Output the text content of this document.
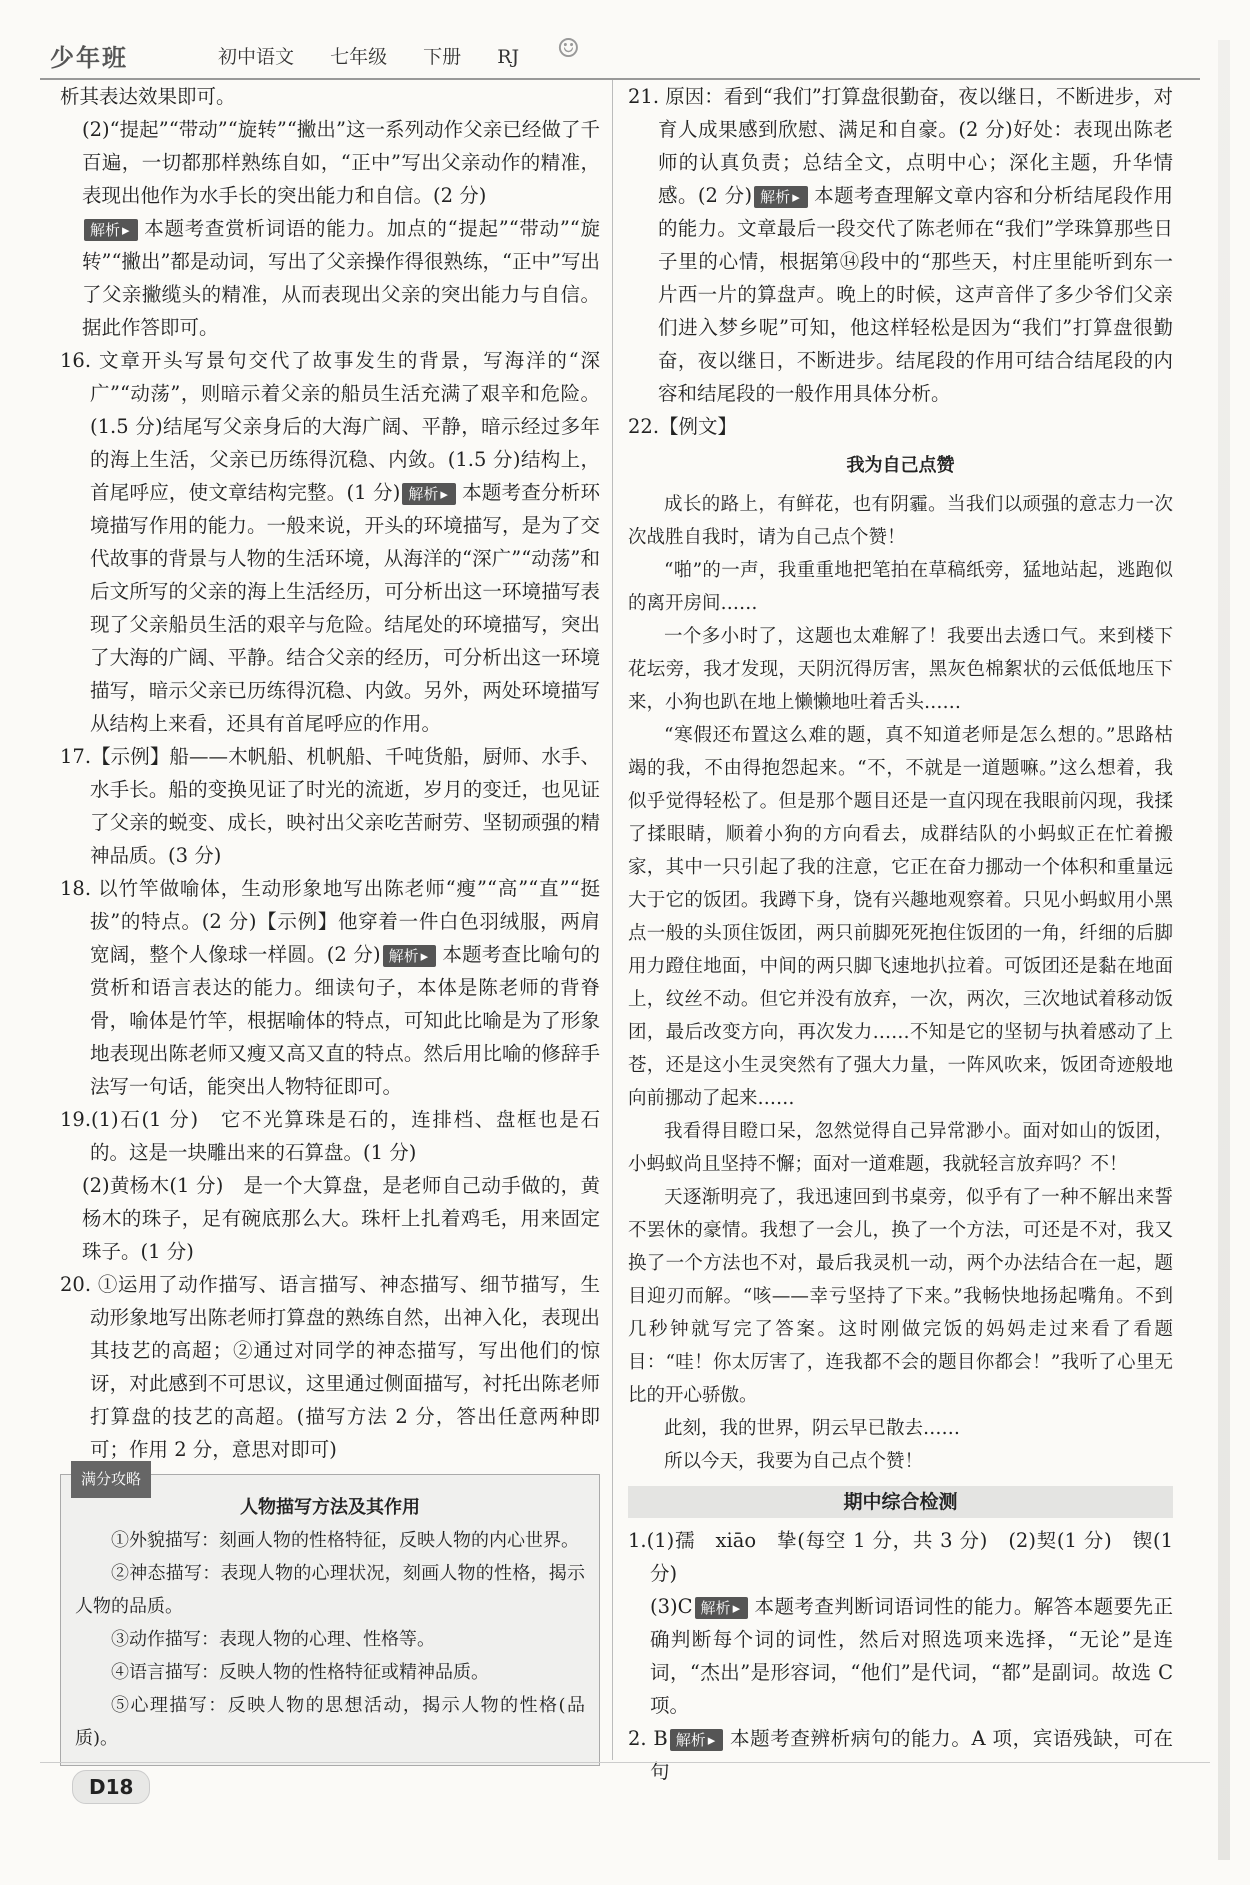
少年班	初中语文 七年级 下册 RJ	☺

析其表达效果即可。

(2)“提起”“带动”“旋转”“撇出”这一系列动作父亲已经做了千百遍，一切都那样熟练自如，“正中”写出父亲动作的精准，表现出他作为水手长的突出能力和自信。(2 分)

解析 ▸ 本题考查赏析词语的能力。加点的“提起”“带动”“旋转”“撇出”都是动词，写出了父亲操作得很熟练，“正中”写出了父亲撇缆头的精准，从而表现出父亲的突出能力与自信。据此作答即可。

16. 文章开头写景句交代了故事发生的背景，写海洋的“深广”“动荡”，则暗示着父亲的船员生活充满了艰辛和危险。(1.5 分)结尾写父亲身后的大海广阔、平静，暗示经过多年的海上生活，父亲已历练得沉稳、内敛。(1.5 分)结构上，首尾呼应，使文章结构完整。(1 分) 解析 ▸ 本题考查分析环境描写作用的能力。一般来说，开头的环境描写，是为了交代故事的背景与人物的生活环境，从海洋的“深广”“动荡”和后文所写的父亲的海上生活经历，可分析出这一环境描写表现了父亲船员生活的艰辛与危险。结尾处的环境描写，突出了大海的广阔、平静。结合父亲的经历，可分析出这一环境描写，暗示父亲已历练得沉稳、内敛。另外，两处环境描写从结构上来看，还具有首尾呼应的作用。

17.【示例】船——木帆船、机帆船、千吨货船，厨师、水手、水手长。船的变换见证了时光的流逝，岁月的变迁，也见证了父亲的蜕变、成长，映衬出父亲吃苦耐劳、坚韧顽强的精神品质。(3 分)

18. 以竹竿做喻体，生动形象地写出陈老师“瘦”“高”“直”“挺拔”的特点。(2 分)【示例】他穿着一件白色羽绒服，两肩宽阔，整个人像球一样圆。(2 分) 解析 ▸ 本题考查比喻句的赏析和语言表达的能力。细读句子，本体是陈老师的背脊骨，喻体是竹竿，根据喻体的特点，可知此比喻是为了形象地表现出陈老师又瘦又高又直的特点。然后用比喻的修辞手法写一句话，能突出人物特征即可。

19.(1)石(1 分)　它不光算珠是石的，连排档、盘框也是石的。这是一块雕出来的石算盘。(1 分)

(2)黄杨木(1 分)　是一个大算盘，是老师自己动手做的，黄杨木的珠子，足有碗底那么大。珠杆上扎着鸡毛，用来固定珠子。(1 分)

20. ①运用了动作描写、语言描写、神态描写、细节描写，生动形象地写出陈老师打算盘的熟练自然，出神入化，表现出其技艺的高超；②通过对同学的神态描写，写出他们的惊讶，对此感到不可思议，这里通过侧面描写，衬托出陈老师打算盘的技艺的高超。(描写方法 2 分，答出任意两种即可；作用 2 分，意思对即可)

满分攻略
人物描写方法及其作用

①外貌描写：刻画人物的性格特征，反映人物的内心世界。

②神态描写：表现人物的心理状况，刻画人物的性格，揭示人物的品质。

③动作描写：表现人物的心理、性格等。

④语言描写：反映人物的性格特征或精神品质。

⑤心理描写：反映人物的思想活动，揭示人物的性格(品质)。

21. 原因：看到“我们”打算盘很勤奋，夜以继日，不断进步，对育人成果感到欣慰、满足和自豪。(2 分)好处：表现出陈老师的认真负责；总结全文，点明中心；深化主题，升华情感。(2 分) 解析 ▸ 本题考查理解文章内容和分析结尾段作用的能力。文章最后一段交代了陈老师在“我们”学珠算那些日子里的心情，根据第⑭段中的“那些天，村庄里能听到东一片西一片的算盘声。晚上的时候，这声音伴了多少爷们父亲们进入梦乡呢”可知，他这样轻松是因为“我们”打算盘很勤奋，夜以继日，不断进步。结尾段的作用可结合结尾段的内容和结尾段的一般作用具体分析。

22.【例文】

我为自己点赞

成长的路上，有鲜花，也有阴霾。当我们以顽强的意志力一次次战胜自我时，请为自己点个赞！

“啪”的一声，我重重地把笔拍在草稿纸旁，猛地站起，逃跑似的离开房间……

一个多小时了，这题也太难解了！我要出去透口气。来到楼下花坛旁，我才发现，天阴沉得厉害，黑灰色棉絮状的云低低地压下来，小狗也趴在地上懒懒地吐着舌头……

“寒假还布置这么难的题，真不知道老师是怎么想的。”思路枯竭的我，不由得抱怨起来。“不，不就是一道题嘛。”这么想着，我似乎觉得轻松了。但是那个题目还是一直闪现在我眼前闪现，我揉了揉眼睛，顺着小狗的方向看去，成群结队的小蚂蚁正在忙着搬家，其中一只引起了我的注意，它正在奋力挪动一个体积和重量远大于它的饭团。我蹲下身，饶有兴趣地观察着。只见小蚂蚁用小黑点一般的头顶住饭团，两只前脚死死抱住饭团的一角，纤细的后脚用力蹬住地面，中间的两只脚飞速地扒拉着。可饭团还是黏在地面上，纹丝不动。但它并没有放弃，一次，两次，三次地试着移动饭团，最后改变方向，再次发力……不知是它的坚韧与执着感动了上苍，还是这小生灵突然有了强大力量，一阵风吹来，饭团奇迹般地向前挪动了起来……

我看得目瞪口呆，忽然觉得自己异常渺小。面对如山的饭团，小蚂蚁尚且坚持不懈；面对一道难题，我就轻言放弃吗？不！

天逐渐明亮了，我迅速回到书桌旁，似乎有了一种不解出来誓不罢休的豪情。我想了一会儿，换了一个方法，可还是不对，我又换了一个方法也不对，最后我灵机一动，两个办法结合在一起，题目迎刃而解。“咳——幸亏坚持了下来。”我畅快地扬起嘴角。不到几秒钟就写完了答案。这时刚做完饭的妈妈走过来看了看题目：“哇！你太厉害了，连我都不会的题目你都会！”我听了心里无比的开心骄傲。

此刻，我的世界，阴云早已散去……

所以今天，我要为自己点个赞！

期中综合检测

1.(1)孺　xiāo　挚(每空 1 分，共 3 分)　(2)契(1 分)　锲(1 分)

(3)C 解析 ▸ 本题考查判断词语词性的能力。解答本题要先正确判断每个词的词性，然后对照选项来选择，“无论”是连词，“杰出”是形容词，“他们”是代词，“都”是副词。故选 C 项。

2. B 解析 ▸ 本题考查辨析病句的能力。A 项，宾语残缺，可在句

D18
